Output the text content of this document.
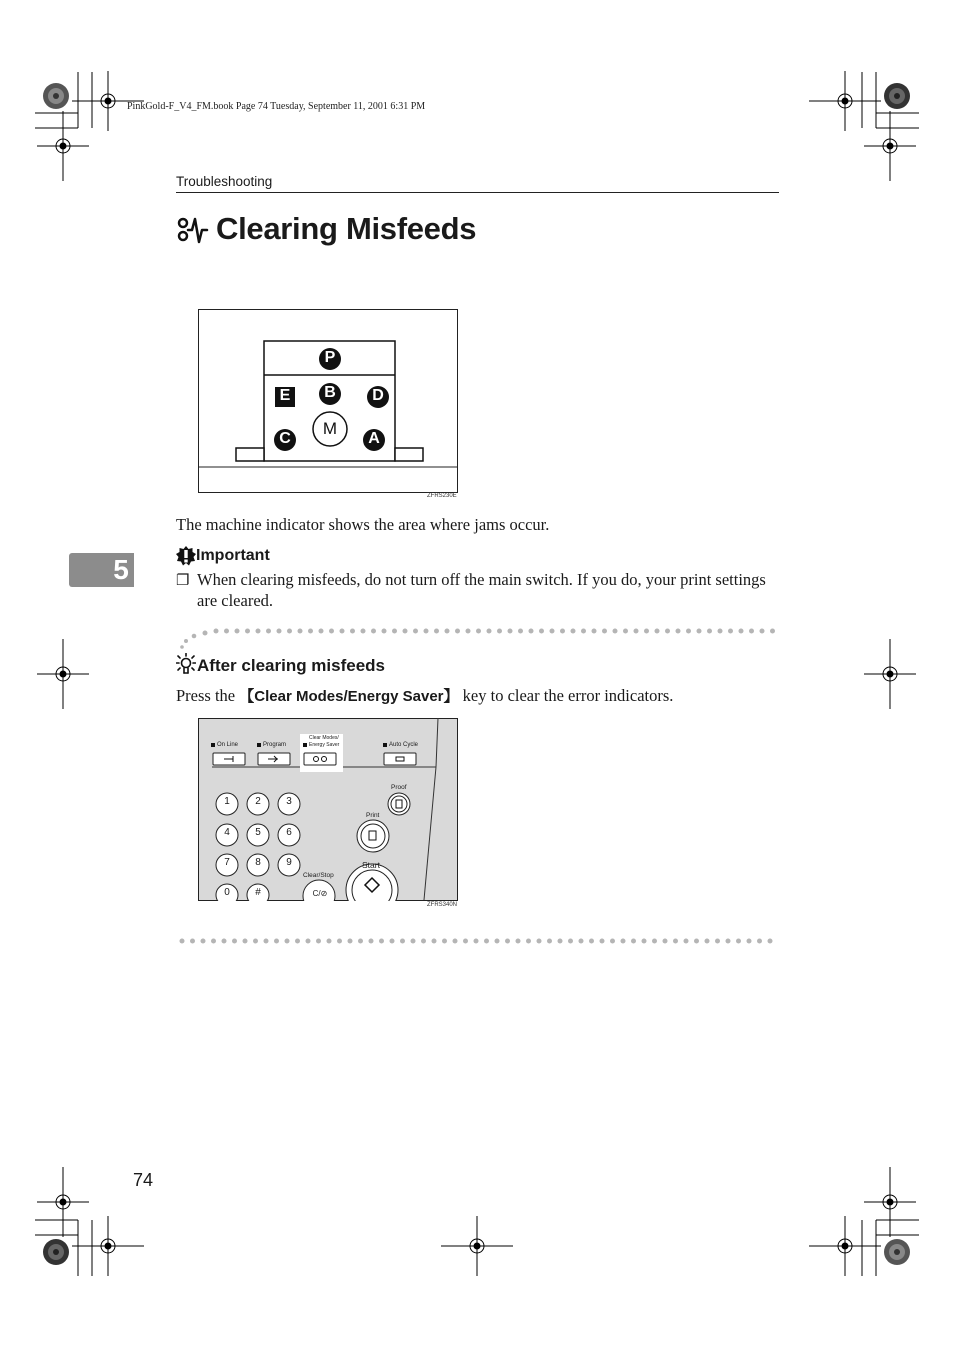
PinkGold-F_V4_FM.book Page 74 Tuesday, September 11, 2001 6:31 PM
Troubleshooting
Clearing Misfeeds
P
B
E	D
M
C	A
ZFRS230E
The machine indicator shows the area where jams occur.
5	Important
❐ When clearing misfeeds, do not turn off the main switch. If you do, your print settings are cleared.
After clearing misfeeds
Press the 【Clear Modes/Energy Saver】 key to clear the error indicators.
On Line	Program
Clear Modes/
Energy Saver	Auto Cycle
1	2	3
4	5	6
7	8	9
0	#
Clear/Stop
C/⊘
Proof
Print
Start
ZFRS340N
74
